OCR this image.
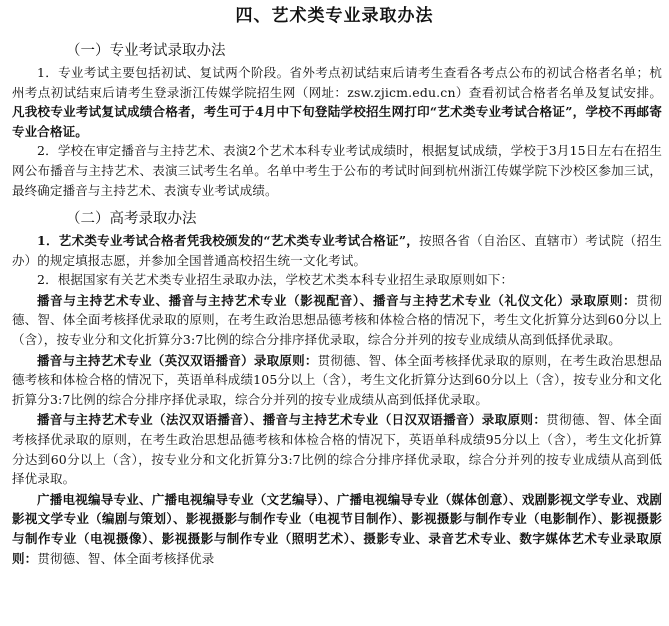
四、艺术类专业录取办法
（一）专业考试录取办法

1．专业考试主要包括初试、复试两个阶段。省外考点初试结束后请考生查看各考点公布的初试合格者名单；杭州考点初试结束后请考生登录浙江传媒学院招生网（网址：zsw.zjicm.edu.cn）查看初试合格者名单及复试安排。凡我校专业考试复试成绩合格者，考生可于4月中下旬登陆学校招生网打印“艺术类专业考试合格证”，学校不再邮寄专业合格证。

2．学校在审定播音与主持艺术、表演2个艺术本科专业考试成绩时，根据复试成绩，学校于3月15日左右在招生网公布播音与主持艺术、表演三试考生名单。名单中考生于公布的考试时间到杭州浙江传媒学院下沙校区参加三试，最终确定播音与主持艺术、表演专业考试成绩。

（二）高考录取办法

1．艺术类专业考试合格者凭我校颁发的“艺术类专业考试合格证”，按照各省（自治区、直辖市）考试院（招生办）的规定填报志愿，并参加全国普通高校招生统一文化考试。

2．根据国家有关艺术类专业招生录取办法，学校艺术类本科专业招生录取原则如下：

播音与主持艺术专业、播音与主持艺术专业（影视配音）、播音与主持艺术专业（礼仪文化）录取原则：贯彻德、智、体全面考核择优录取的原则，在考生政治思想品德考核和体检合格的情况下，考生文化折算分达到60分以上（含），按专业分和文化折算分3:7比例的综合分排序择优录取，综合分并列的按专业成绩从高到低择优录取。

播音与主持艺术专业（英汉双语播音）录取原则：贯彻德、智、体全面考核择优录取的原则，在考生政治思想品德考核和体检合格的情况下，英语单科成绩105分以上（含），考生文化折算分达到60分以上（含），按专业分和文化折算分3:7比例的综合分排序择优录取，综合分并列的按专业成绩从高到低择优录取。

播音与主持艺术专业（法汉双语播音）、播音与主持艺术专业（日汉双语播音）录取原则：贯彻德、智、体全面考核择优录取的原则，在考生政治思想品德考核和体检合格的情况下，英语单科成绩95分以上（含），考生文化折算分达到60分以上（含），按专业分和文化折算分3:7比例的综合分排序择优录取，综合分并列的按专业成绩从高到低择优录取。

广播电视编导专业、广播电视编导专业（文艺编导）、广播电视编导专业（媒体创意）、戏剧影视文学专业、戏剧影视文学专业（编剧与策划）、影视摄影与制作专业（电视节目制作）、影视摄影与制作专业（电影制作）、影视摄影与制作专业（电视摄像）、影视摄影与制作专业（照明艺术）、摄影专业、录音艺术专业、数字媒体艺术专业录取原则：贯彻德、智、体全面考核择优录
